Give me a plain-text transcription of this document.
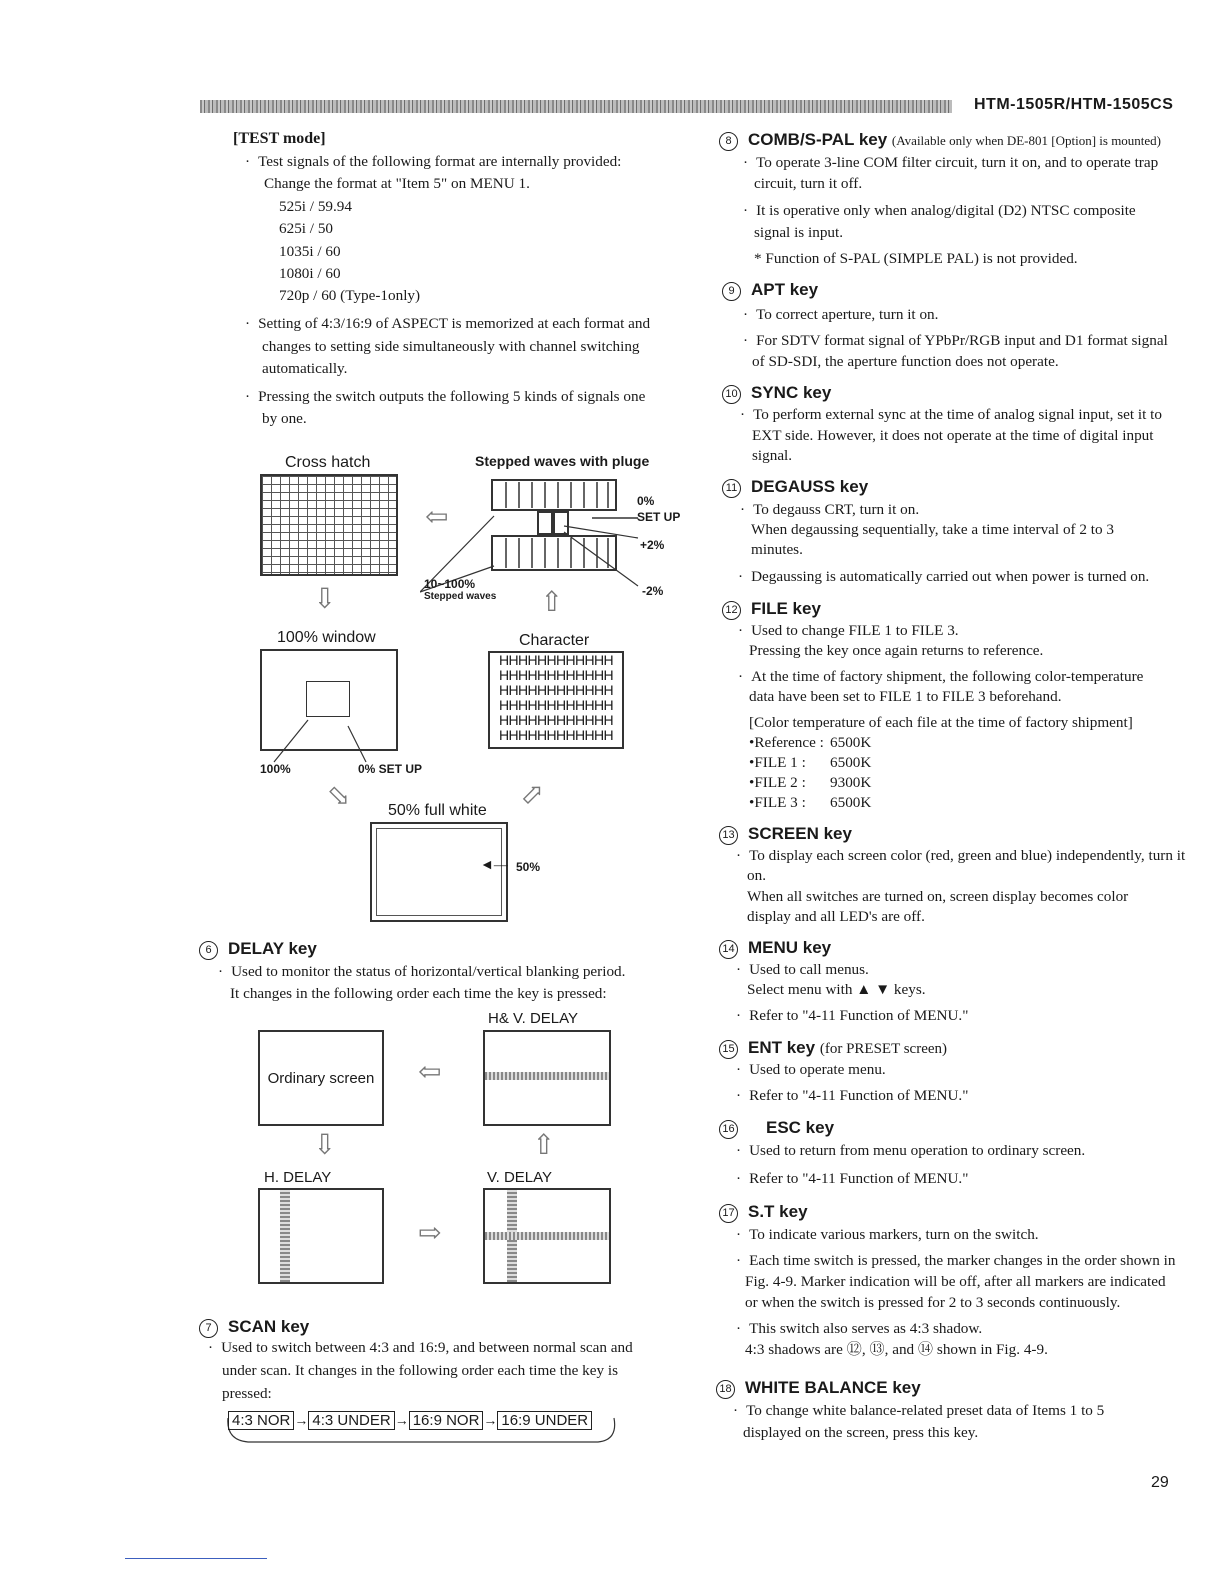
HTM-1505R/HTM-1505CS
[TEST mode]
· Test signals of the following format are internally provided:
Change the format at "Item 5" on MENU 1.
525i / 59.94
625i / 50
1035i / 60
1080i / 60
720p / 60 (Type-1only)
· Setting of 4:3/16:9 of ASPECT is memorized at each format and
changes to setting side simultaneously with channel switching
automatically.
· Pressing the switch outputs the following 5 kinds of signals one
by one.
Cross hatch	Stepped waves with pluge
⇦
0%
SET UP
+2%
-2%
10~100%
Stepped waves
⇩	⇧
100% window
100%	0% SET UP
Character
HHHHHHHHHHHH
HHHHHHHHHHHH
HHHHHHHHHHHH
HHHHHHHHHHHH
HHHHHHHHHHHH
HHHHHHHHHHHH
⇩	⇧
50% full white
◄— 50%
6 DELAY key
· Used to monitor the status of horizontal/vertical blanking period.
It changes in the following order each time the key is pressed:
H& V. DELAY
Ordinary screen ⇦
⇩	⇧
H. DELAY
⇨
V. DELAY
7 SCAN key
· Used to switch between 4:3 and 16:9, and between normal scan and
under scan. It changes in the following order each time the key is
pressed:
4:3 NOR → 4:3 UNDER → 16:9 NOR → 16:9 UNDER
8 COMB/S-PAL key (Available only when DE-801 [Option] is mounted)
· To operate 3-line COM filter circuit, turn it on, and to operate trap
circuit, turn it off.
· It is operative only when analog/digital (D2) NTSC composite
signal is input.
* Function of S-PAL (SIMPLE PAL) is not provided.
9 APT key
· To correct aperture, turn it on.
· For SDTV format signal of YPbPr/RGB input and D1 format signal
of SD-SDI, the aperture function does not operate.
10 SYNC key
· To perform external sync at the time of analog signal input, set it to
EXT side. However, it does not operate at the time of digital input
signal.
11 DEGAUSS key
· To degauss CRT, turn it on.
When degaussing sequentially, take a time interval of 2 to 3
minutes.
· Degaussing is automatically carried out when power is turned on.
12 FILE key
· Used to change FILE 1 to FILE 3.
Pressing the key once again returns to reference.
· At the time of factory shipment, the following color-temperature
data have been set to FILE 1 to FILE 3 beforehand.
[Color temperature of each file at the time of factory shipment]
•Reference : 6500K
•FILE 1 : 6500K
•FILE 2 : 9300K
•FILE 3 : 6500K
13 SCREEN key
· To display each screen color (red, green and blue) independently, turn it
on.
When all switches are turned on, screen display becomes color
display and all LED's are off.
14 MENU key
· Used to call menus.
Select menu with ▲ ▼ keys.
· Refer to "4-11 Function of MENU."
15 ENT key (for PRESET screen)
· Used to operate menu.
· Refer to "4-11 Function of MENU."
16 ESC key
· Used to return from menu operation to ordinary screen.
· Refer to "4-11 Function of MENU."
17 S.T key
· To indicate various markers, turn on the switch.
· Each time switch is pressed, the marker changes in the order shown in
Fig. 4-9. Marker indication will be off, after all markers are indicated
or when the switch is pressed for 2 to 3 seconds continuously.
· This switch also serves as 4:3 shadow.
4:3 shadows are ⑫, ⑬, and ⑭ shown in Fig. 4-9.
18 WHITE BALANCE key
· To change white balance-related preset data of Items 1 to 5
displayed on the screen, press this key.
29
